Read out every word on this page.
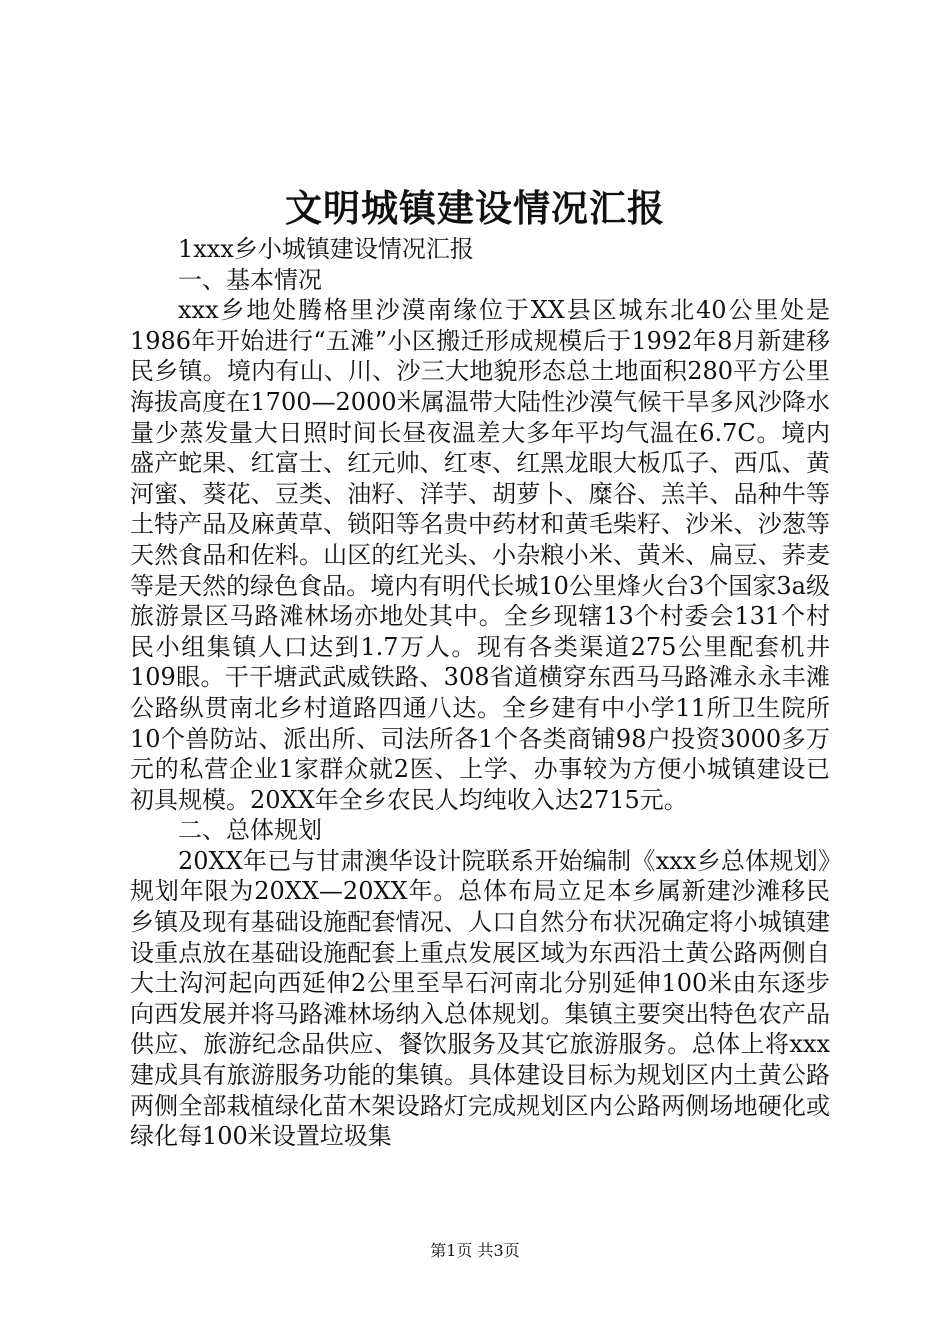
文明城镇建设情况汇报

1xxx乡小城镇建设情况汇报

一、基本情况

xxx乡地处腾格里沙漠南缘位于XX县区城东北40公里处是1986年开始进行“五滩”小区搬迁形成规模后于1992年8月新建移民乡镇。境内有山、川、沙三大地貌形态总土地面积280平方公里海拔高度在1700—2000米属温带大陆性沙漠气候干旱多风沙降水量少蒸发量大日照时间长昼夜温差大多年平均气温在6.7C。境内盛产蛇果、红富士、红元帅、红枣、红黑龙眼大板瓜子、西瓜、黄河蜜、葵花、豆类、油籽、洋芋、胡萝卜、糜谷、羔羊、品种牛等土特产品及麻黄草、锁阳等名贵中药材和黄毛柴籽、沙米、沙葱等天然食品和佐料。山区的红光头、小杂粮小米、黄米、扁豆、荞麦等是天然的绿色食品。境内有明代长城10公里烽火台3个国家3a级旅游景区马路滩林场亦地处其中。全乡现辖13个村委会131个村民小组集镇人口达到1.7万人。现有各类渠道275公里配套机井109眼。干干塘武武威铁路、308省道横穿东西马马路滩永永丰滩公路纵贯南北乡村道路四通八达。全乡建有中小学11所卫生院所10个兽防站、派出所、司法所各1个各类商铺98户投资3000多万元的私营企业1家群众就2医、上学、办事较为方便小城镇建设已初具规模。20XX年全乡农民人均纯收入达2715元。

二、总体规划

20XX年已与甘肃澳华设计院联系开始编制《xxx乡总体规划》规划年限为20XX—20XX年。总体布局立足本乡属新建沙滩移民乡镇及现有基础设施配套情况、人口自然分布状况确定将小城镇建设重点放在基础设施配套上重点发展区域为东西沿土黄公路两侧自大土沟河起向西延伸2公里至旱石河南北分别延伸100米由东逐步向西发展并将马路滩林场纳入总体规划。集镇主要突出特色农产品供应、旅游纪念品供应、餐饮服务及其它旅游服务。总体上将xxx建成具有旅游服务功能的集镇。具体建设目标为规划区内土黄公路两侧全部栽植绿化苗木架设路灯完成规划区内公路两侧场地硬化或绿化每100米设置垃圾集

第1页 共3页
